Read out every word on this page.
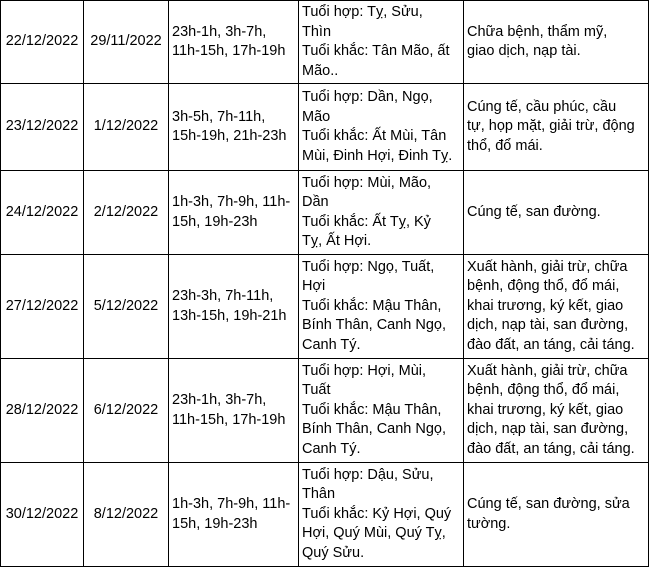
22/12/2022	29/11/2022	23h-1h, 3h-7h,
11h-15h, 17h-19h	Tuổi hợp: Tỵ, Sửu,
Thìn
Tuổi khắc: Tân Mão, ất
Mão..	Chữa bệnh, thẩm mỹ,
giao dịch, nạp tài.

23/12/2022	1/12/2022	3h-5h, 7h-11h,
15h-19h, 21h-23h	Tuổi hợp: Dần, Ngọ,
Mão
Tuổi khắc: Ất Mùi, Tân
Mùi, Đinh Hợi, Đinh Tỵ.	Cúng tế, cầu phúc, cầu
tự, họp mặt, giải trừ, động
thổ, đổ mái.

24/12/2022	2/12/2022	1h-3h, 7h-9h, 11h-
15h, 19h-23h	Tuổi hợp: Mùi, Mão,
Dần
Tuổi khắc: Ất Tỵ, Kỷ
Tỵ, Ất Hợi.	Cúng tế, san đường.

27/12/2022	5/12/2022	23h-3h, 7h-11h,
13h-15h, 19h-21h	Tuổi hợp: Ngọ, Tuất,
Hợi
Tuổi khắc: Mậu Thân,
Bính Thân, Canh Ngọ,
Canh Tý.	Xuất hành, giải trừ, chữa
bệnh, động thổ, đổ mái,
khai trương, ký kết, giao
dịch, nạp tài, san đường,
đào đất, an táng, cải táng.

28/12/2022	6/12/2022	23h-1h, 3h-7h,
11h-15h, 17h-19h	Tuổi hợp: Hợi, Mùi,
Tuất
Tuổi khắc: Mậu Thân,
Bính Thân, Canh Ngọ,
Canh Tý.	Xuất hành, giải trừ, chữa
bệnh, động thổ, đổ mái,
khai trương, ký kết, giao
dịch, nạp tài, san đường,
đào đất, an táng, cải táng.

30/12/2022	8/12/2022	1h-3h, 7h-9h, 11h-
15h, 19h-23h	Tuổi hợp: Dậu, Sửu,
Thân
Tuổi khắc: Kỷ Hợi, Quý
Hợi, Quý Mùi, Quý Tỵ,
Quý Sửu.	Cúng tế, san đường, sửa
tường.
